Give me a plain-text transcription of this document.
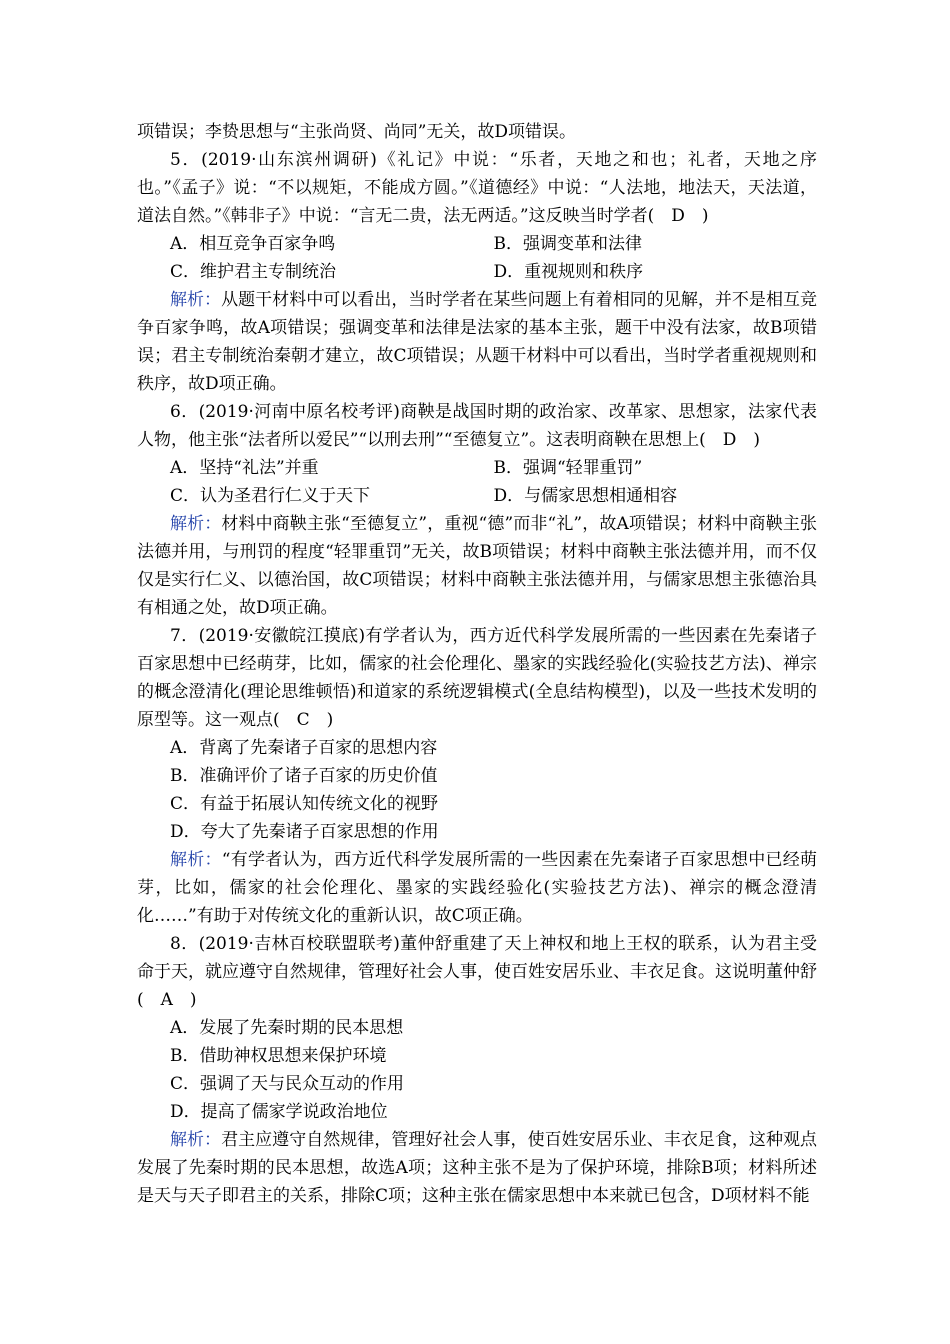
项错误；李贽思想与“主张尚贤、尚同”无关，故D项错误。

5．(2019·山东滨州调研)《礼记》中说：“乐者，天地之和也；礼者，天地之序也。”《孟子》说：“不以规矩，不能成方圆。”《道德经》中说：“人法地，地法天，天法道，道法自然。”《韩非子》中说：“言无二贵，法无两适。”这反映当时学者(　D　)

A．相互竞争百家争鸣	B．强调变革和法律
C．维护君主专制统治	D．重视规则和秩序

解析：从题干材料中可以看出，当时学者在某些问题上有着相同的见解，并不是相互竞争百家争鸣，故A项错误；强调变革和法律是法家的基本主张，题干中没有法家，故B项错误；君主专制统治秦朝才建立，故C项错误；从题干材料中可以看出，当时学者重视规则和秩序，故D项正确。

6．(2019·河南中原名校考评)商鞅是战国时期的政治家、改革家、思想家，法家代表人物，他主张“法者所以爱民”“以刑去刑”“至德复立”。这表明商鞅在思想上(　D　)

A．坚持“礼法”并重	B．强调“轻罪重罚”
C．认为圣君行仁义于天下	D．与儒家思想相通相容

解析：材料中商鞅主张“至德复立”，重视“德”而非“礼”，故A项错误；材料中商鞅主张法德并用，与刑罚的程度“轻罪重罚”无关，故B项错误；材料中商鞅主张法德并用，而不仅仅是实行仁义、以德治国，故C项错误；材料中商鞅主张法德并用，与儒家思想主张德治具有相通之处，故D项正确。

7．(2019·安徽皖江摸底)有学者认为，西方近代科学发展所需的一些因素在先秦诸子百家思想中已经萌芽，比如，儒家的社会伦理化、墨家的实践经验化(实验技艺方法)、禅宗的概念澄清化(理论思维顿悟)和道家的系统逻辑模式(全息结构模型)，以及一些技术发明的原型等。这一观点(　C　)

A．背离了先秦诸子百家的思想内容
B．准确评价了诸子百家的历史价值
C．有益于拓展认知传统文化的视野
D．夸大了先秦诸子百家思想的作用

解析：“有学者认为，西方近代科学发展所需的一些因素在先秦诸子百家思想中已经萌芽，比如，儒家的社会伦理化、墨家的实践经验化(实验技艺方法)、禅宗的概念澄清化……”有助于对传统文化的重新认识，故C项正确。

8．(2019·吉林百校联盟联考)董仲舒重建了天上神权和地上王权的联系，认为君主受命于天，就应遵守自然规律，管理好社会人事，使百姓安居乐业、丰衣足食。这说明董仲舒(　A　)

A．发展了先秦时期的民本思想
B．借助神权思想来保护环境
C．强调了天与民众互动的作用
D．提高了儒家学说政治地位

解析：君主应遵守自然规律，管理好社会人事，使百姓安居乐业、丰衣足食，这种观点发展了先秦时期的民本思想，故选A项；这种主张不是为了保护环境，排除B项；材料所述是天与天子即君主的关系，排除C项；这种主张在儒家思想中本来就已包含，D项材料不能
